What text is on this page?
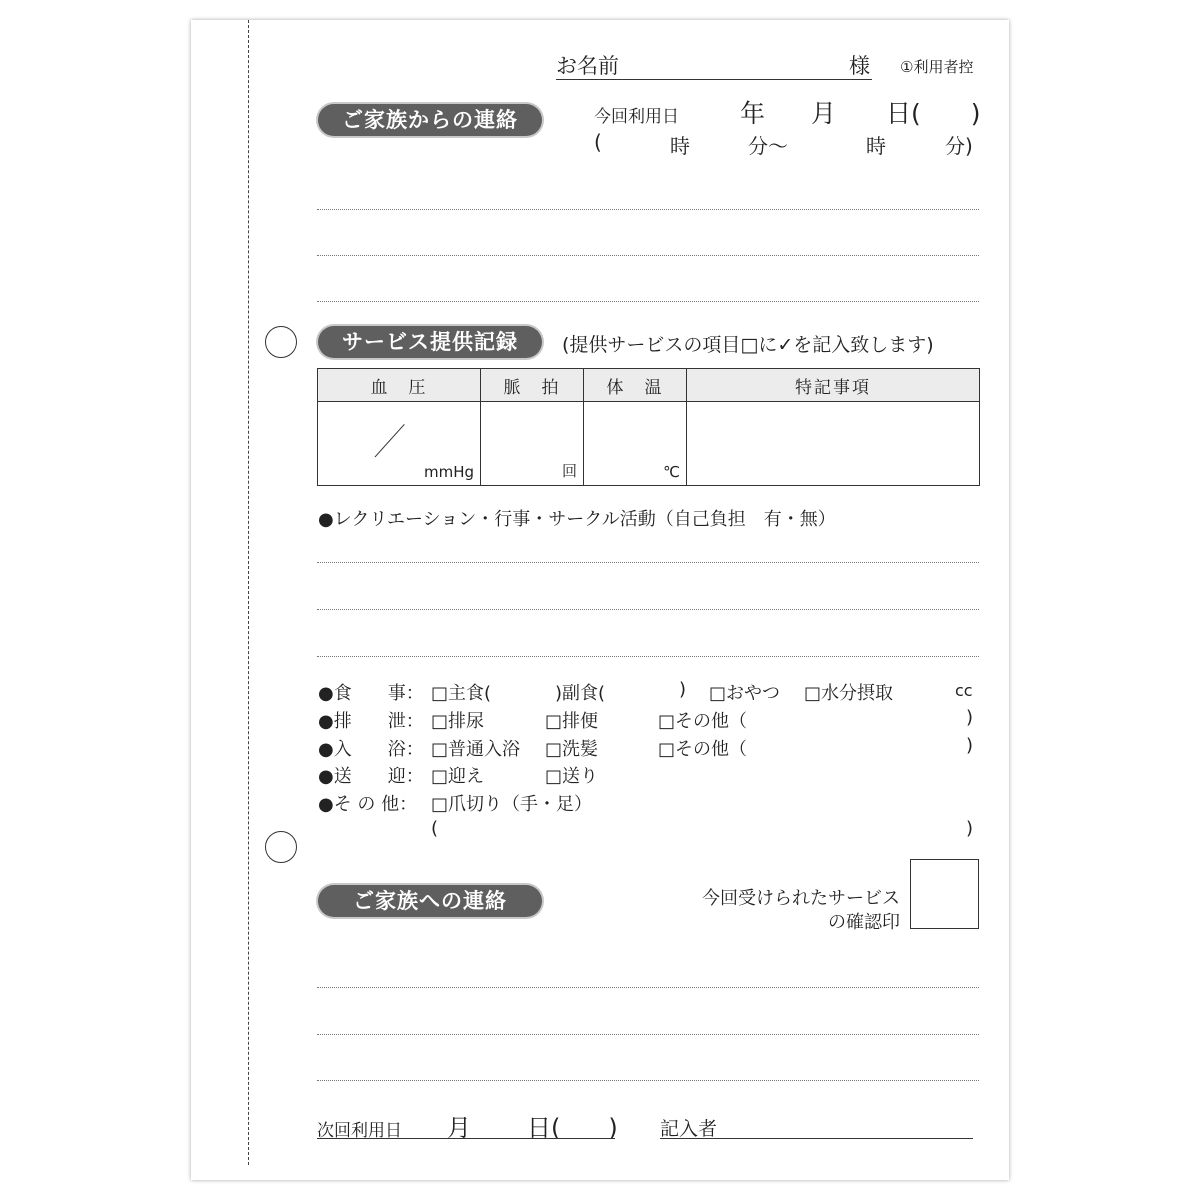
お名前	様 ①利用者控
ご家族からの連絡	今回利用日 年 月 日(　　)
(	時	分～	時	分)
サービス提供記録	(提供サービスの項目□に✓を記入致します)
血　圧	脈　拍	体　温	特記事項

mmHg	回	℃	

●レクリエーション・行事・サークル活動（自己負担　有・無）
●食　　事： □主食(	)副食(	) □おやつ □水分摂取	cc
●排　　泄： □排尿	□排便	□その他（	)
●入　　浴： □普通入浴 □洗髪	□その他（	)
●送　　迎： □迎え	□送り
●そ の 他： □爪切り（手・足）
(	)
ご家族への連絡	今回受けられたサービス
の確認印
次回利用日 月 日(　　) 記入者
